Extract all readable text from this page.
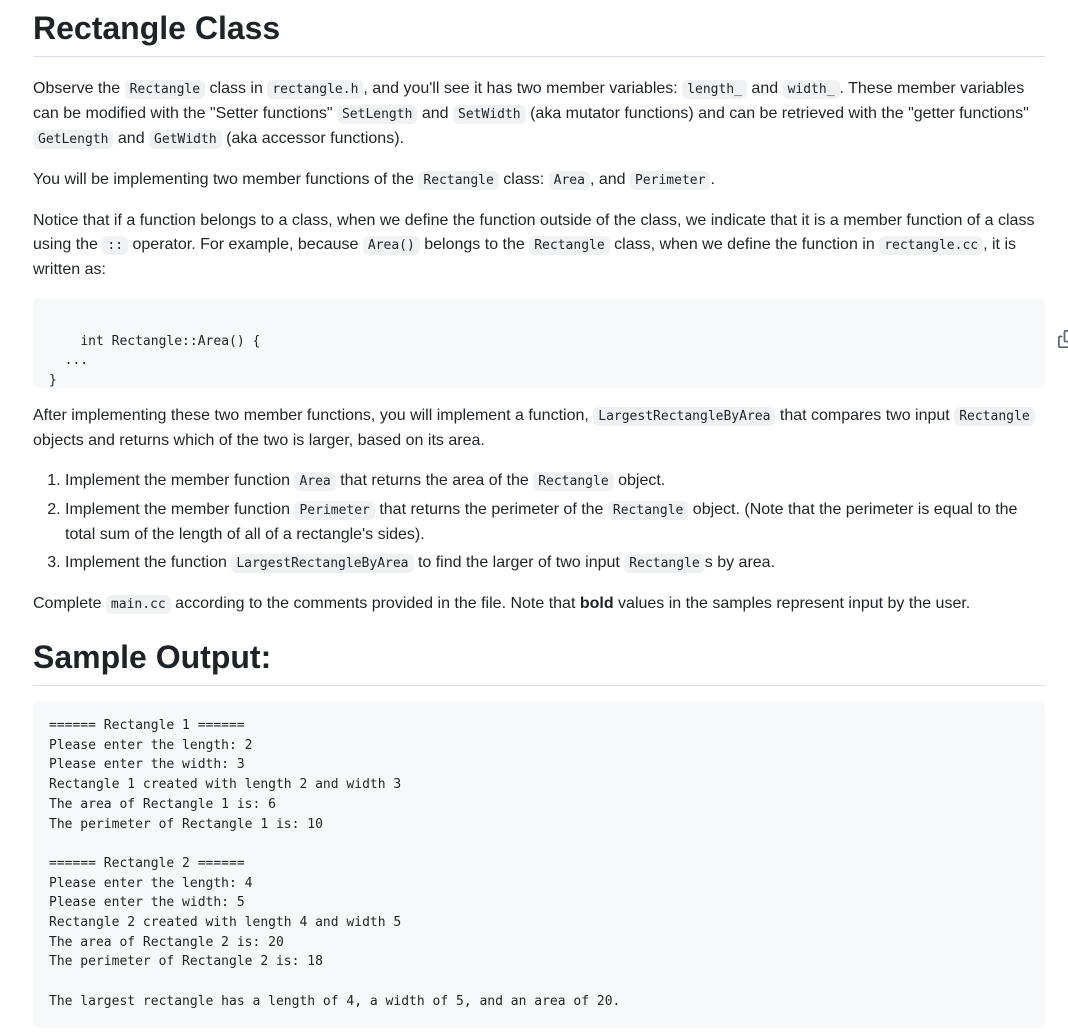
Rectangle Class

Observe the Rectangle class in rectangle.h , and you'll see it has two member variables: length_ and width_ . These member variables can be modified with the "Setter functions" SetLength and SetWidth (aka mutator functions) and can be retrieved with the "getter functions" GetLength and GetWidth (aka accessor functions).

You will be implementing two member functions of the Rectangle class: Area , and Perimeter .

Notice that if a function belongs to a class, when we define the function outside of the class, we indicate that it is a member function of a class using the :: operator. For example, because Area() belongs to the Rectangle class, when we define the function in rectangle.cc , it is written as:

int Rectangle::Area() {
...
}

After implementing these two member functions, you will implement a function, LargestRectangleByArea that compares two input Rectangle objects and returns which of the two is larger, based on its area.

1. Implement the member function Area that returns the area of the Rectangle object.
2. Implement the member function Perimeter that returns the perimeter of the Rectangle object. (Note that the perimeter is equal to the total sum of the length of all of a rectangle's sides).
3. Implement the function LargestRectangleByArea to find the larger of two input Rectangle s by area.

Complete main.cc according to the comments provided in the file. Note that bold values in the samples represent input by the user.

Sample Output:
====== Rectangle 1 ======
Please enter the length: 2
Please enter the width: 3
Rectangle 1 created with length 2 and width 3
The area of Rectangle 1 is: 6
The perimeter of Rectangle 1 is: 10

====== Rectangle 2 ======
Please enter the length: 4
Please enter the width: 5
Rectangle 2 created with length 4 and width 5
The area of Rectangle 2 is: 20
The perimeter of Rectangle 2 is: 18

The largest rectangle has a length of 4, a width of 5, and an area of 20.
